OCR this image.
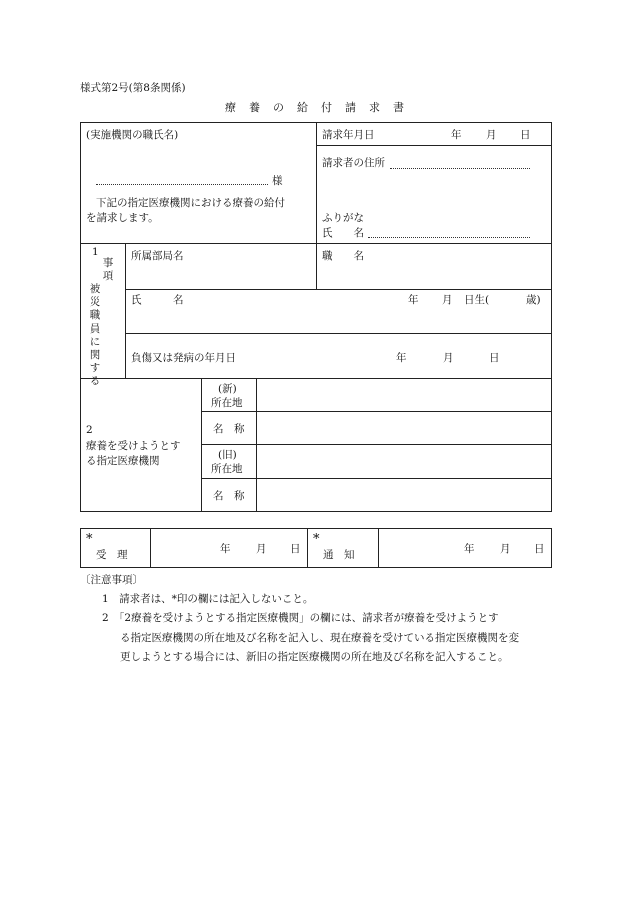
様式第2号(第8条関係)
療　養　の　給　付　請　求　書
(実施機関の職氏名)
様
下記の指定医療機関における療養の給付
を請求します。
請求年月日	年 月 日
請求者の住所
ふりがな
氏　　名
1
事
項
被
災
職
員
に
関
す
る
所属部局名	職　　名
氏　　　名	年 月 日生(	歳)
負傷又は発病の年月日	年	月	日
2
療養を受けようとす
る指定医療機関
(新)
所在地
名　称
(旧)
所在地
名　称
*
受　理	年 月 日
*
通　知	年 月 日
〔注意事項〕
1　請求者は、*印の欄には記入しないこと。
2　「2療養を受けようとする指定医療機関」の欄には、請求者が療養を受けようとす
る指定医療機関の所在地及び名称を記入し、現在療養を受けている指定医療機関を変
更しようとする場合には、新旧の指定医療機関の所在地及び名称を記入すること。
